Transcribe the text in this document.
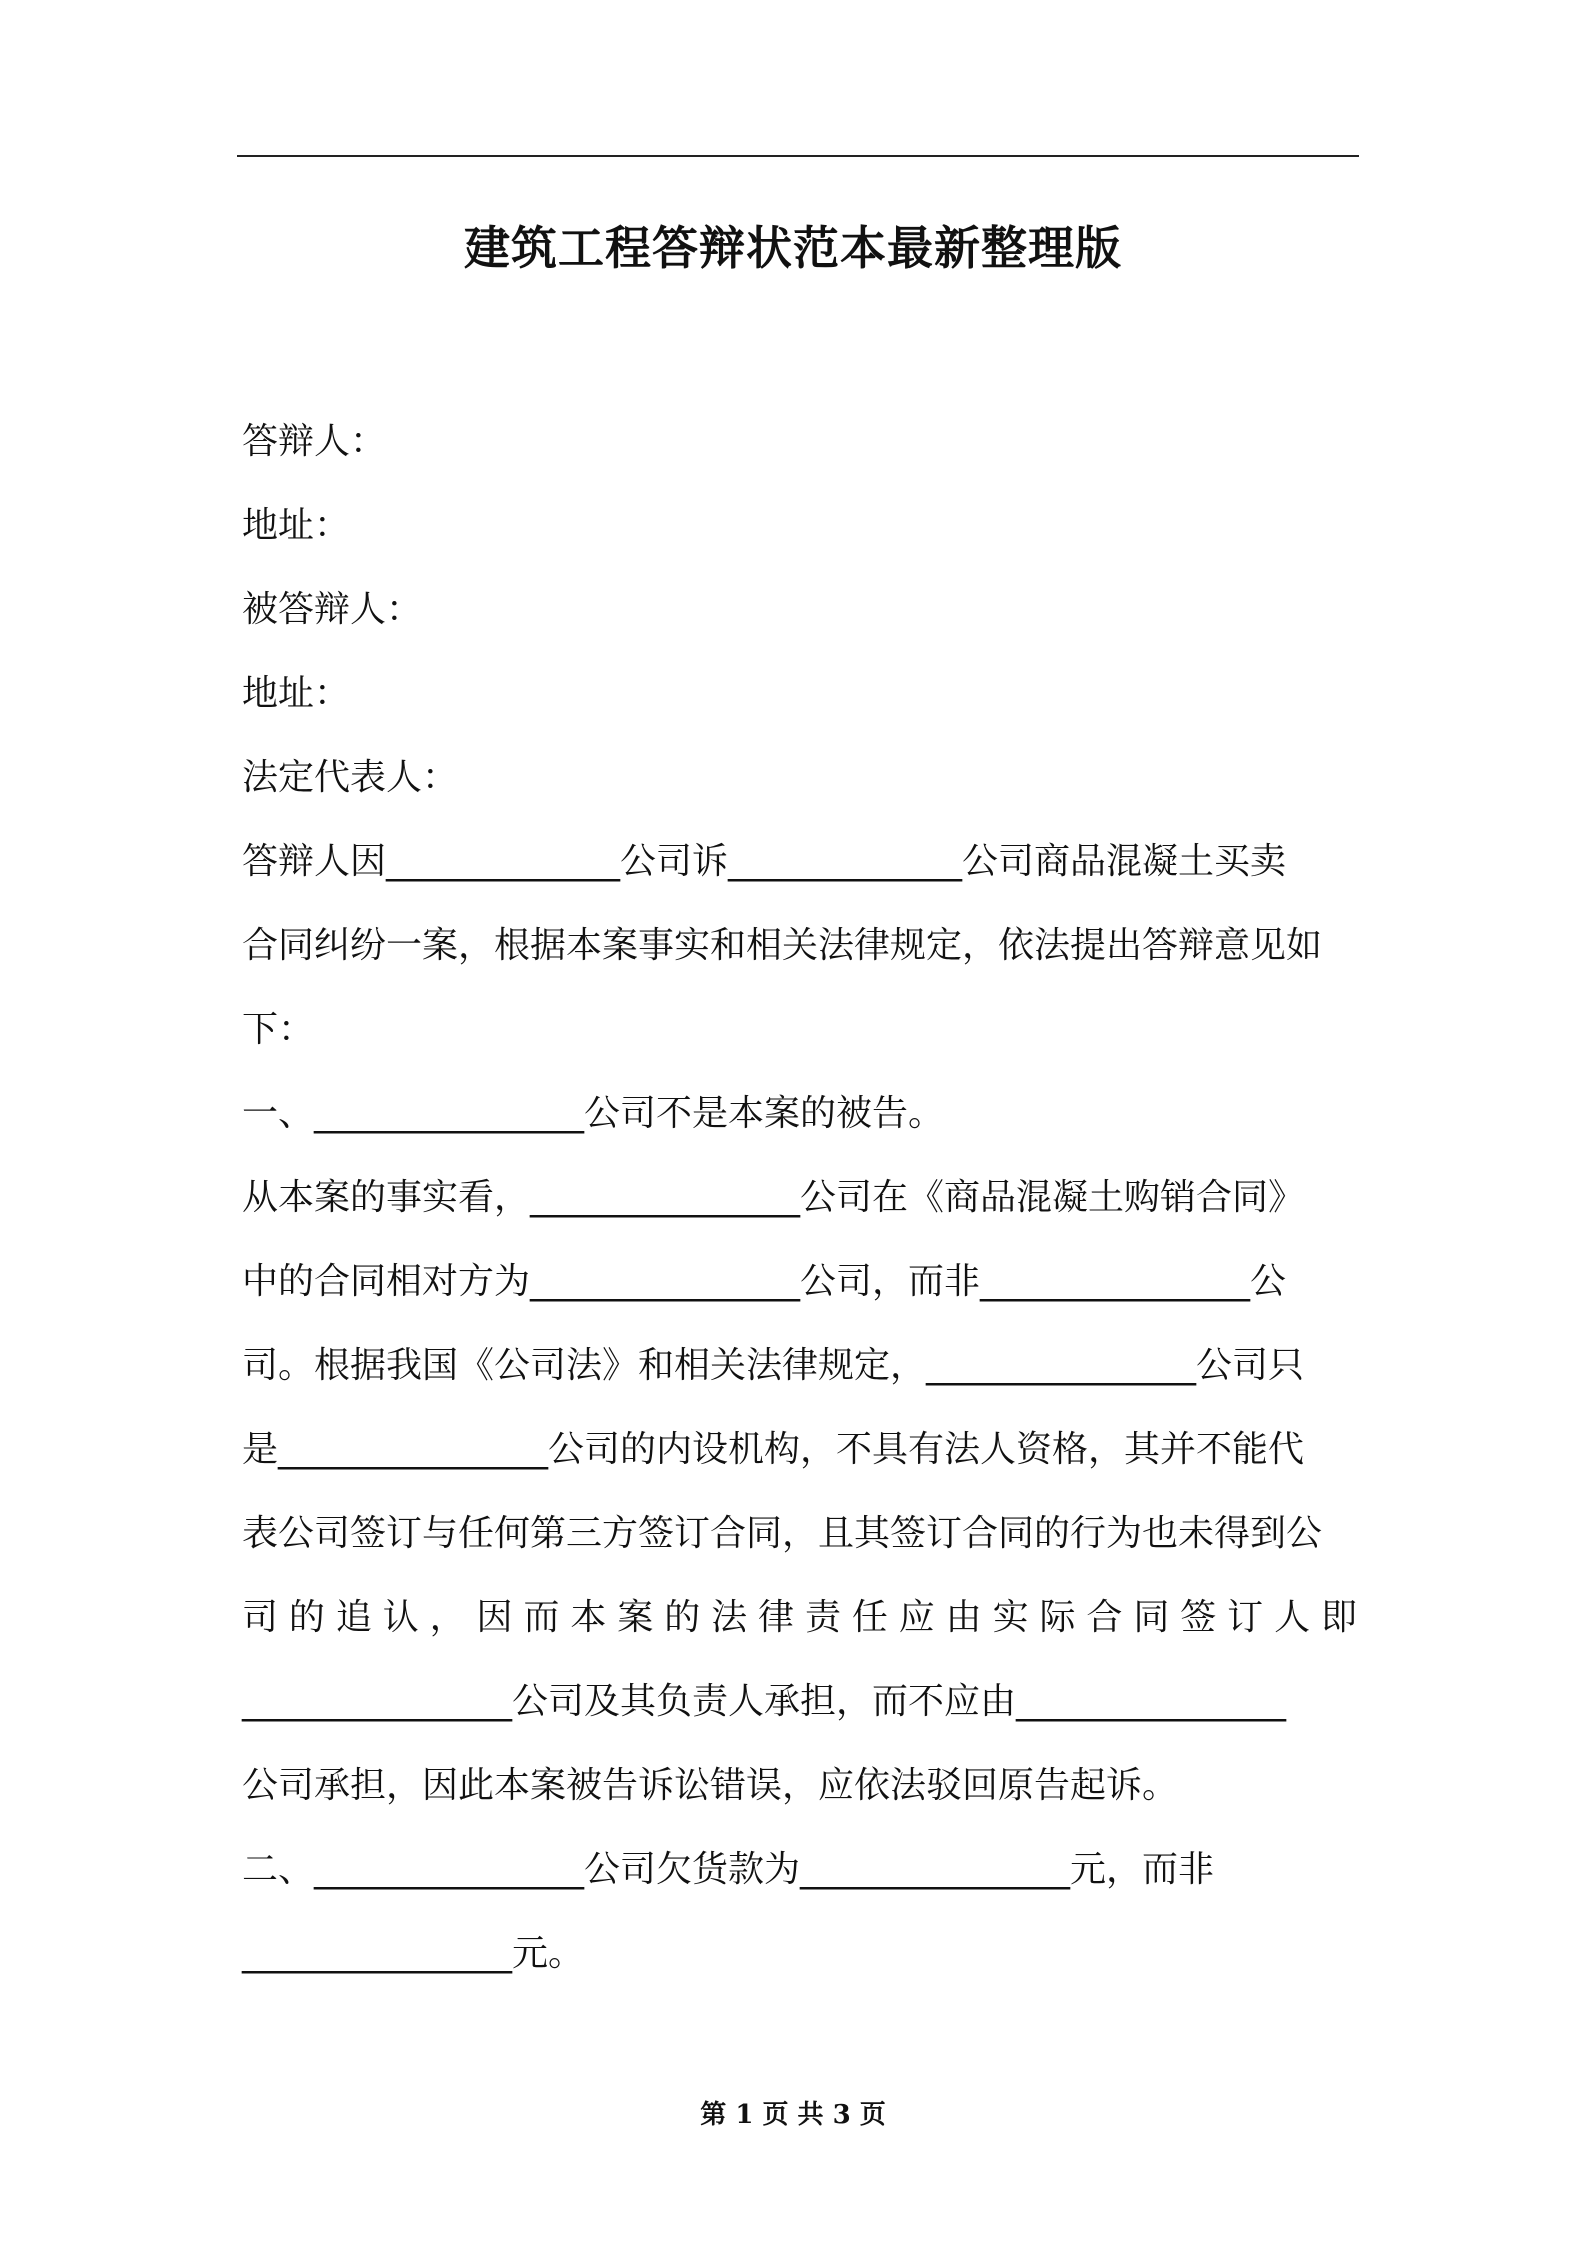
建筑工程答辩状范本最新整理版
答辩人：
地址：
被答辩人：
地址：
法定代表人：
答辩人因_____________公司诉_____________公司商品混凝土买卖
合同纠纷一案，根据本案事实和相关法律规定，依法提出答辩意见如
下：
一、_______________公司不是本案的被告。
从本案的事实看，_______________公司在《商品混凝土购销合同》
中的合同相对方为_______________公司，而非_______________公
司。根据我国《公司法》和相关法律规定，_______________公司只
是_______________公司的内设机构，不具有法人资格，其并不能代
表公司签订与任何第三方签订合同，且其签订合同的行为也未得到公
司的追认，因而本案的法律责任应由实际合同签订人即
_______________公司及其负责人承担，而不应由_______________
公司承担，因此本案被告诉讼错误，应依法驳回原告起诉。
二、_______________公司欠货款为_______________元，而非
_______________元。
第 1 页 共 3 页
